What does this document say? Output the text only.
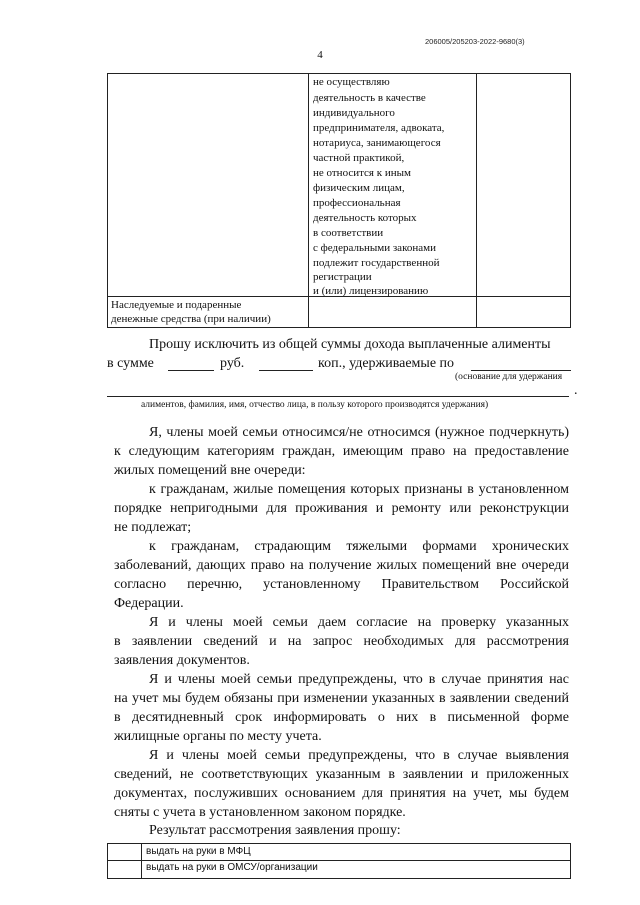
206005/205203-2022-9680(3)
4
не осуществляю
деятельность в качестве
индивидуального
предпринимателя, адвоката,
нотариуса, занимающегося
частной практикой,
не относится к иным
физическим лицам,
профессиональная
деятельность которых
в соответствии
с федеральными законами
подлежит государственной
регистрации
и (или) лицензированию
Наследуемые и подаренные
денежные средства (при наличии)
Прошу исключить из общей суммы дохода выплаченные алименты
в сумме	руб.	коп., удерживаемые по
(основание для удержания
.
алиментов, фамилия, имя, отчество лица, в пользу которого производятся удержания)
Я, члены моей семьи относимся/не относимся (нужное подчеркнуть)
к следующим категориям граждан, имеющим право на предоставление
жилых помещений вне очереди:
к гражданам, жилые помещения которых признаны в установленном
порядке непригодными для проживания и ремонту или реконструкции
не подлежат;
к гражданам, страдающим тяжелыми формами хронических
заболеваний, дающих право на получение жилых помещений вне очереди
согласно перечню, установленному Правительством Российской
Федерации.
Я и члены моей семьи даем согласие на проверку указанных
в заявлении сведений и на запрос необходимых для рассмотрения
заявления документов.
Я и члены моей семьи предупреждены, что в случае принятия нас
на учет мы будем обязаны при изменении указанных в заявлении сведений
в десятидневный срок информировать о них в письменной форме
жилищные органы по месту учета.
Я и члены моей семьи предупреждены, что в случае выявления
сведений, не соответствующих указанным в заявлении и приложенных
документах, послуживших основанием для принятия на учет, мы будем
сняты с учета в установленном законом порядке.
Результат рассмотрения заявления прошу:
выдать на руки в МФЦ
выдать на руки в ОМСУ/организации
